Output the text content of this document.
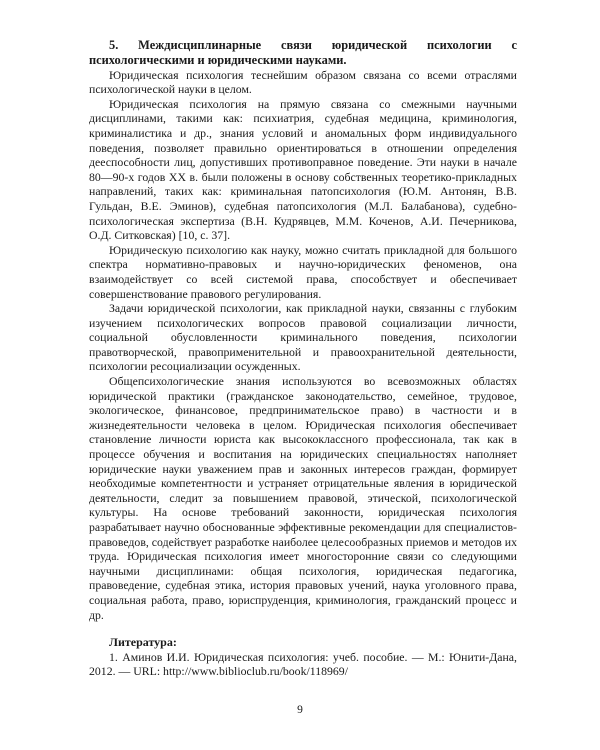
5. Междисциплинарные связи юридической психологии с психологическими и юридическими науками.

Юридическая психология теснейшим образом связана со всеми отраслями психологической науки в целом.

Юридическая психология на прямую связана со смежными научными дисциплинами, такими как: психиатрия, судебная медицина, криминология, криминалистика и др., знания условий и аномальных форм индивидуального поведения, позволяет правильно ориентироваться в отношении определения дееспособности лиц, допустивших противоправное поведение. Эти науки в начале 80—90-х годов XX в. были положены в основу собственных теоретико-прикладных направлений, таких как: криминальная патопсихология (Ю.М. Антонян, В.В. Гульдан, В.Е. Эминов), судебная патопсихология (М.Л. Балабанова), судебно-психологическая экспертиза (В.Н. Кудрявцев, М.М. Коченов, А.И. Печерникова, О.Д. Ситковская) [10, с. 37].

Юридическую психологию как науку, можно считать прикладной для большого спектра нормативно-правовых и научно-юридических феноменов, она взаимодействует со всей системой права, способствует и обеспечивает совершенствование правового регулирования.

Задачи юридической психологии, как прикладной науки, связанны с глубоким изучением психологических вопросов правовой социализации личности, социальной обусловленности криминального поведения, психологии правотворческой, правоприменительной и правоохранительной деятельности, психологии ресоциализации осужденных.

Общепсихологические знания используются во всевозможных областях юридической практики (гражданское законодательство, семейное, трудовое, экологическое, финансовое, предпринимательское право) в частности и в жизнедеятельности человека в целом. Юридическая психология обеспечивает становление личности юриста как высококлассного профессионала, так как в процессе обучения и воспитания на юридических специальностях наполняет юридические науки уважением прав и законных интересов граждан, формирует необходимые компетентности и устраняет отрицательные явления в юридической деятельности, следит за повышением правовой, этической, психологической культуры. На основе требований законности, юридическая психология разрабатывает научно обоснованные эффективные рекомендации для специалистов-правоведов, содействует разработке наиболее целесообразных приемов и методов их труда. Юридическая психология имеет многосторонние связи со следующими научными дисциплинами: общая психология, юридическая педагогика, правоведение, судебная этика, история правовых учений, наука уголовного права, социальная работа, право, юриспруденция, криминология, гражданский процесс и др.

Литература:

1. Аминов И.И. Юридическая психология: учеб. пособие. — М.: Юнити-Дана, 2012. — URL: http://www.biblioclub.ru/book/118969/

9
